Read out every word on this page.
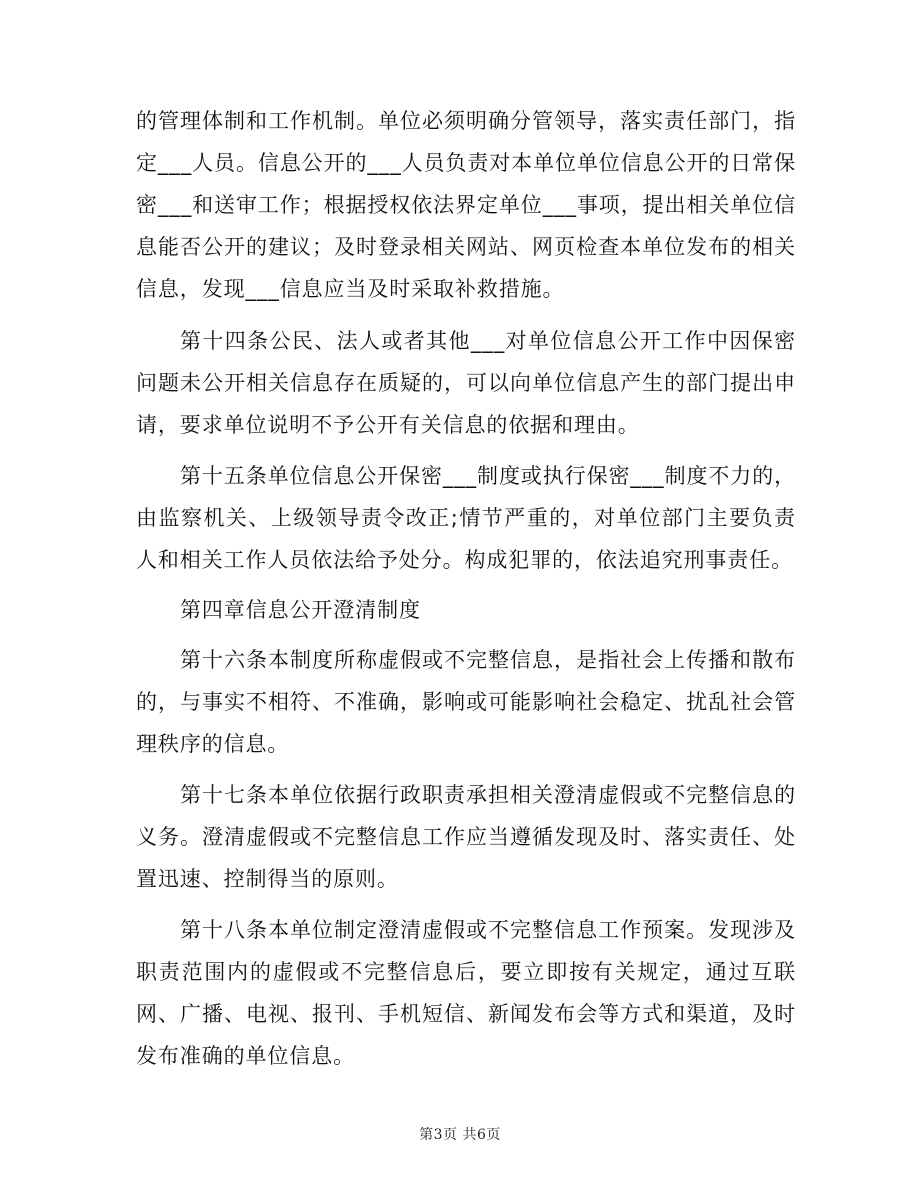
的管理体制和工作机制。单位必须明确分管领导，落实责任部门，指定___人员。信息公开的___人员负责对本单位单位信息公开的日常保密___和送审工作；根据授权依法界定单位___事项，提出相关单位信息能否公开的建议；及时登录相关网站、网页检查本单位发布的相关信息，发现___信息应当及时采取补救措施。

第十四条公民、法人或者其他___对单位信息公开工作中因保密问题未公开相关信息存在质疑的，可以向单位信息产生的部门提出申请，要求单位说明不予公开有关信息的依据和理由。

第十五条单位信息公开保密___制度或执行保密___制度不力的，由监察机关、上级领导责令改正;情节严重的，对单位部门主要负责人和相关工作人员依法给予处分。构成犯罪的，依法追究刑事责任。

第四章信息公开澄清制度

第十六条本制度所称虚假或不完整信息，是指社会上传播和散布的，与事实不相符、不准确，影响或可能影响社会稳定、扰乱社会管理秩序的信息。

第十七条本单位依据行政职责承担相关澄清虚假或不完整信息的义务。澄清虚假或不完整信息工作应当遵循发现及时、落实责任、处置迅速、控制得当的原则。

第十八条本单位制定澄清虚假或不完整信息工作预案。发现涉及职责范围内的虚假或不完整信息后，要立即按有关规定，通过互联网、广播、电视、报刊、手机短信、新闻发布会等方式和渠道，及时发布准确的单位信息。

第3页 共6页
